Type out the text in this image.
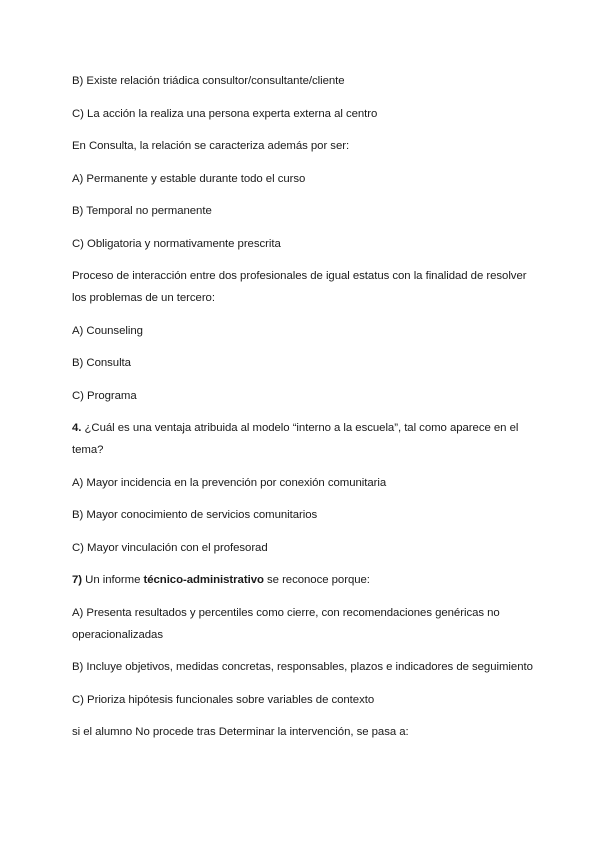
B) Existe relación triádica consultor/consultante/cliente

C) La acción la realiza una persona experta externa al centro

En Consulta, la relación se caracteriza además por ser:

A) Permanente y estable durante todo el curso

B) Temporal no permanente

C) Obligatoria y normativamente prescrita

Proceso de interacción entre dos profesionales de igual estatus con la finalidad de resolver los problemas de un tercero:

A) Counseling

B) Consulta

C) Programa

4. ¿Cuál es una ventaja atribuida al modelo “interno a la escuela”, tal como aparece en el tema?

A) Mayor incidencia en la prevención por conexión comunitaria

B) Mayor conocimiento de servicios comunitarios

C) Mayor vinculación con el profesorad

7) Un informe técnico-administrativo se reconoce porque:

A) Presenta resultados y percentiles como cierre, con recomendaciones genéricas no operacionalizadas

B) Incluye objetivos, medidas concretas, responsables, plazos e indicadores de seguimiento

C) Prioriza hipótesis funcionales sobre variables de contexto

si el alumno No procede tras Determinar la intervención, se pasa a:
